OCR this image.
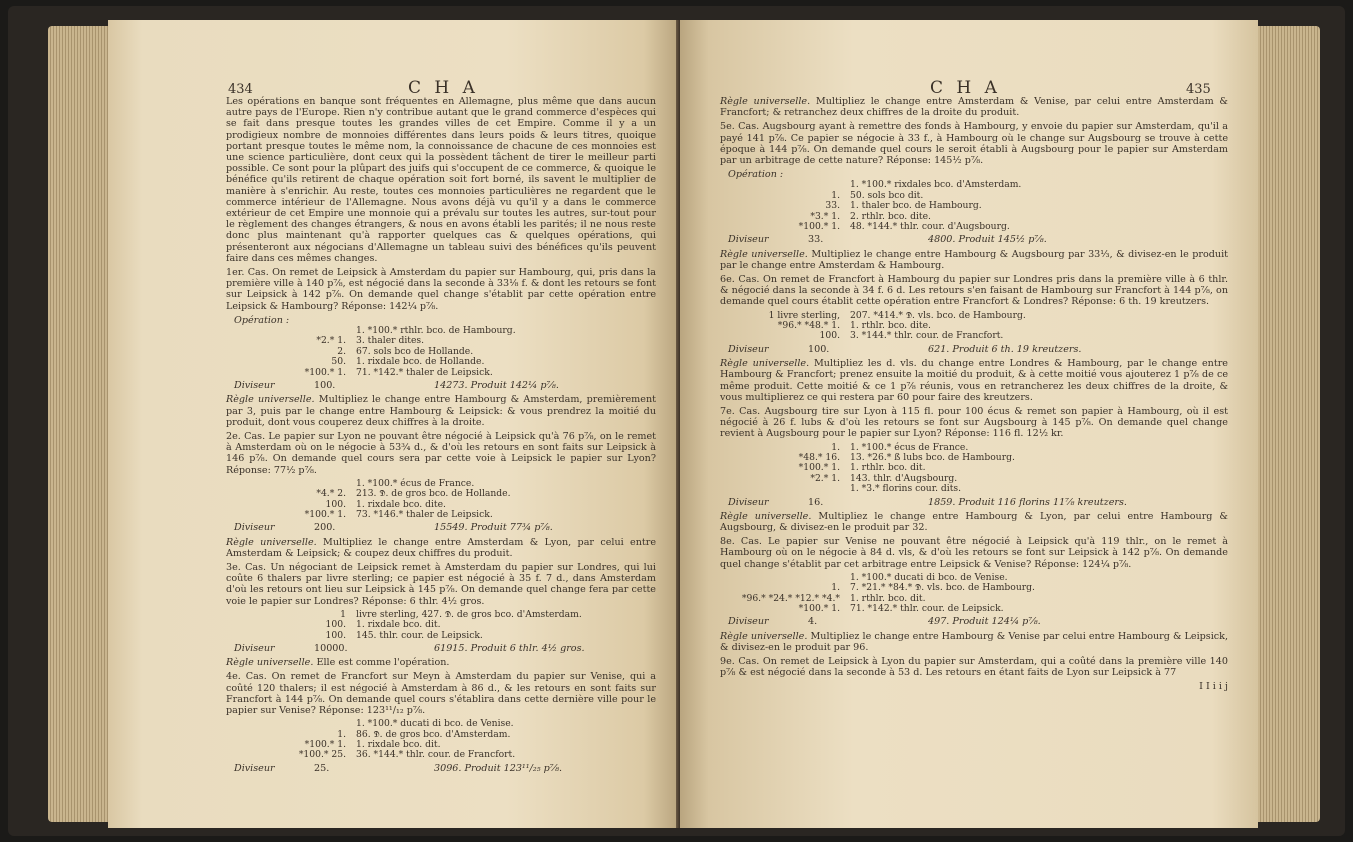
434	C H A

Les opérations en banque sont fréquentes en Allemagne, plus même que dans aucun autre pays de l'Europe. Rien n'y contribue autant que le grand commerce d'espèces qui se fait dans presque toutes les grandes villes de cet Empire. Comme il y a un prodigieux nombre de monnoies différentes dans leurs poids & leurs titres, quoique portant presque toutes le même nom, la connoissance de chacune de ces monnoies est une science particulière, dont ceux qui la possèdent tâchent de tirer le meilleur parti possible. Ce sont pour la plûpart des juifs qui s'occupent de ce commerce, & quoique le bénéfice qu'ils retirent de chaque opération soit fort borné, ils savent le multiplier de manière à s'enrichir. Au reste, toutes ces monnoies particulières ne regardent que le commerce intérieur de l'Allemagne. Nous avons déjà vu qu'il y a dans le commerce extérieur de cet Empire une monnoie qui a prévalu sur toutes les autres, sur-tout pour le règlement des changes étrangers, & nous en avons établi les parités; il ne nous reste donc plus maintenant qu'à rapporter quelques cas & quelques opérations, qui présenteront aux négocians d'Allemagne un tableau suivi des bénéfices qu'ils peuvent faire dans ces mêmes changes.

1er. Cas. On remet de Leipsick à Amsterdam du papier sur Hambourg, qui, pris dans la première ville à 140 p⅞, est négocié dans la seconde à 33⅛ f. & dont les retours se font sur Leipsick à 142 p⅞. On demande quel change s'établit par cette opération entre Leipsick & Hambourg? Réponse: 142¼ p⅞.

Opération :
1. *100.* rthlr. bco. de Hambourg.
*2.* 1.	3. thaler dites.
2.	67. sols bco de Hollande.
50.	1. rixdale bco. de Hollande.
*100.* 1.	71. *142.* thaler de Leipsick.
Diviseur	100.	14273. Produit 142¼ p⅞.

Règle universelle. Multipliez le change entre Hambourg & Amsterdam, premièrement par 3, puis par le change entre Hambourg & Leipsick: & vous prendrez la moitié du produit, dont vous couperez deux chiffres à la droite.

2e. Cas. Le papier sur Lyon ne pouvant être négocié à Leipsick qu'à 76 p⅞, on le remet à Amsterdam où on le négocie à 53¾ d., & d'où les retours en sont faits sur Leipsick à 146 p⅞. On demande quel cours sera par cette voie à Leipsick le papier sur Lyon? Réponse: 77½ p⅞.

1. *100.* écus de France.
*4.* 2.	213. 𝕯. de gros bco. de Hollande.
100.	1. rixdale bco. dite.
*100.* 1.	73. *146.* thaler de Leipsick.
Diviseur	200.	15549. Produit 77¾ p⅞.

Règle universelle. Multipliez le change entre Amsterdam & Lyon, par celui entre Amsterdam & Leipsick; & coupez deux chiffres du produit.

3e. Cas. Un négociant de Leipsick remet à Amsterdam du papier sur Londres, qui lui coûte 6 thalers par livre sterling; ce papier est négocié à 35 f. 7 d., dans Amsterdam d'où les retours ont lieu sur Leipsick à 145 p⅞. On demande quel change fera par cette voie le papier sur Londres? Réponse: 6 thlr. 4½ gros.

1	livre sterling, 427. 𝕯. de gros bco. d'Amsterdam.
100.	1. rixdale bco. dit.
100.	145. thlr. cour. de Leipsick.
Diviseur	10000.	61915. Produit 6 thlr. 4½ gros.

Règle universelle. Elle est comme l'opération.

4e. Cas. On remet de Francfort sur Meyn à Amsterdam du papier sur Venise, qui a coûté 120 thalers; il est négocié à Amsterdam à 86 d., & les retours en sont faits sur Francfort à 144 p⅞. On demande quel cours s'établira dans cette dernière ville pour le papier sur Venise? Réponse: 123¹¹/₁₂ p⅞.

1. *100.* ducati di bco. de Venise.
1.	86. 𝕯. de gros bco. d'Amsterdam.
*100.* 1.	1. rixdale bco. dit.
*100.* 25.	36. *144.* thlr. cour. de Francfort.
Diviseur	25.	3096. Produit 123¹¹/₂₅ p⅞.
C H A	435

Règle universelle. Multipliez le change entre Amsterdam & Venise, par celui entre Amsterdam & Francfort; & retranchez deux chiffres de la droite du produit.

5e. Cas. Augsbourg ayant à remettre des fonds à Hambourg, y envoie du papier sur Amsterdam, qu'il a payé 141 p⅞. Ce papier se négocie à 33 f., à Hambourg où le change sur Augsbourg se trouve à cette époque à 144 p⅞. On demande quel cours le seroit établi à Augsbourg pour le papier sur Amsterdam par un arbitrage de cette nature? Réponse: 145½ p⅞.

Opération :
1. *100.* rixdales bco. d'Amsterdam.
1.	50. sols bco dit.
33.	1. thaler bco. de Hambourg.
*3.* 1.	2. rthlr. bco. dite.
*100.* 1.	48. *144.* thlr. cour. d'Augsbourg.
Diviseur	33.	4800. Produit 145½ p⅞.

Règle universelle. Multipliez le change entre Hambourg & Augsbourg par 33⅓, & divisez-en le produit par le change entre Amsterdam & Hambourg.

6e. Cas. On remet de Francfort à Hambourg du papier sur Londres pris dans la première ville à 6 thlr. & négocié dans la seconde à 34 f. 6 d. Les retours s'en faisant de Hambourg sur Francfort à 144 p⅞, on demande quel cours établit cette opération entre Francfort & Londres? Réponse: 6 th. 19 kreutzers.

1 livre sterling,	207. *414.* 𝕯. vls. bco. de Hambourg.
*96.* *48.* 1.	1. rthlr. bco. dite.
100.	3. *144.* thlr. cour. de Francfort.
Diviseur	100.	621. Produit 6 th. 19 kreutzers.

Règle universelle. Multipliez les d. vls. du change entre Londres & Hambourg, par le change entre Hambourg & Francfort; prenez ensuite la moitié du produit, & à cette moitié vous ajouterez 1 p⅞ de ce même produit. Cette moitié & ce 1 p⅞ réunis, vous en retrancherez les deux chiffres de la droite, & vous multiplierez ce qui restera par 60 pour faire des kreutzers.

7e. Cas. Augsbourg tire sur Lyon à 115 fl. pour 100 écus & remet son papier à Hambourg, où il est négocié à 26 f. lubs & d'où les retours se font sur Augsbourg à 145 p⅞. On demande quel change revient à Augsbourg pour le papier sur Lyon? Réponse: 116 fl. 12½ kr.

1.	1. *100.* écus de France.
*48.* 16.	13. *26.* ß lubs bco. de Hambourg.
*100.* 1.	1. rthlr. bco. dit.
*2.* 1.	143. thlr. d'Augsbourg.
1. *3.* florins cour. dits.
Diviseur	16.	1859. Produit 116 florins 11⅞ kreutzers.

Règle universelle. Multipliez le change entre Hambourg & Lyon, par celui entre Hambourg & Augsbourg, & divisez-en le produit par 32.

8e. Cas. Le papier sur Venise ne pouvant être négocié à Leipsick qu'à 119 thlr., on le remet à Hambourg où on le négocie à 84 d. vls, & d'où les retours se font sur Leipsick à 142 p⅞. On demande quel change s'établit par cet arbitrage entre Leipsick & Venise? Réponse: 124¼ p⅞.

1. *100.* ducati di bco. de Venise.
1.	7. *21.* *84.* 𝕯. vls. bco. de Hambourg.
*96.* *24.* *12.* *4.*	1. rthlr. bco. dit.
*100.* 1.	71. *142.* thlr. cour. de Leipsick.
Diviseur	4.	497. Produit 124¼ p⅞.

Règle universelle. Multipliez le change entre Hambourg & Venise par celui entre Hambourg & Leipsick, & divisez-en le produit par 96.

9e. Cas. On remet de Leipsick à Lyon du papier sur Amsterdam, qui a coûté dans la première ville 140 p⅞ & est négocié dans la seconde à 53 d. Les retours en étant faits de Lyon sur Leipsick à 77

I I i i j
